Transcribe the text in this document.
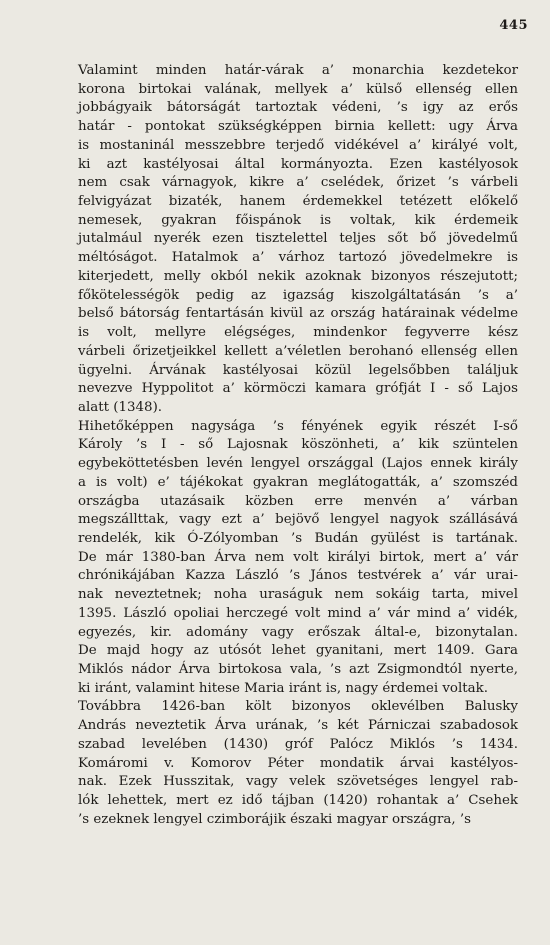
445
Valamint minden határ-várak a’ monarchia kezdetekor
korona birtokai valának, mellyek a’ külső ellenség ellen
jobbágyaik bátorságát tartoztak védeni, ’s igy az erős
határ - pontokat szükségképpen birnia kellett: ugy Árva
is mostaninál messzebbre terjedő vidékével a’ királyé volt,
ki azt kastélyosai által kormányozta. Ezen kastélyosok
nem csak várnagyok, kikre a’ cselédek, őrizet ’s várbeli
felvigyázat bizaték, hanem érdemekkel tetézett előkelő
nemesek, gyakran főispánok is voltak, kik érdemeik
jutalmául nyerék ezen tisztelettel teljes sőt bő jövedelmű
méltóságot. Hatalmok a’ várhoz tartozó jövedelmekre is
kiterjedett, melly okból nekik azoknak bizonyos részejutott;
főkötelességök pedig az igazság kiszolgáltatásán ’s a’
belső bátorság fentartásán kivül az ország határainak védelme
is volt, mellyre elégséges, mindenkor fegyverre kész
várbeli őrizetjeikkel kellett a’véletlen berohanó ellenség ellen
ügyelni. Árvának kastélyosai közül legelsőbben találjuk
nevezve Hyppolitot a’ körmöczi kamara grófját I - ső Lajos
alatt (1348).
Hihetőképpen nagysága ’s fényének egyik részét I-ső
Károly ’s I - ső Lajosnak köszönheti, a’ kik szüntelen
egybeköttetésben levén lengyel országgal (Lajos ennek király
a is volt) e’ tájékokat gyakran meglátogatták, a’ szomszéd
országba utazásaik közben erre menvén a’ várban
megszállttak, vagy ezt a’ bejövő lengyel nagyok szállásává
rendelék, kik Ó-Zólyomban ’s Budán gyülést is tartának.
De már 1380-ban Árva nem volt királyi birtok, mert a’ vár
chrónikájában Kazza László ’s János testvérek a’ vár urai-
nak neveztetnek; noha uraságuk nem sokáig tarta, mivel
1395. László opoliai herczegé volt mind a’ vár mind a’ vidék,
egyezés, kir. adomány vagy erőszak által-e, bizonytalan.
De majd hogy az utósót lehet gyanitani, mert 1409. Gara
Miklós nádor Árva birtokosa vala, ’s azt Zsigmondtól nyerte,
ki iránt, valamint hitese Maria iránt is, nagy érdemei voltak.
Továbbra 1426-ban költ bizonyos oklevélben Balusky
András neveztetik Árva urának, ’s két Párniczai szabadosok
szabad levelében (1430) gróf Palócz Miklós ’s 1434.
Komáromi v. Komorov Péter mondatik árvai kastélyos-
nak. Ezek Husszitak, vagy velek szövetséges lengyel rab-
lók lehettek, mert ez idő tájban (1420) rohantak a’ Csehek
’s ezeknek lengyel czimborájik északi magyar országra, ’s
